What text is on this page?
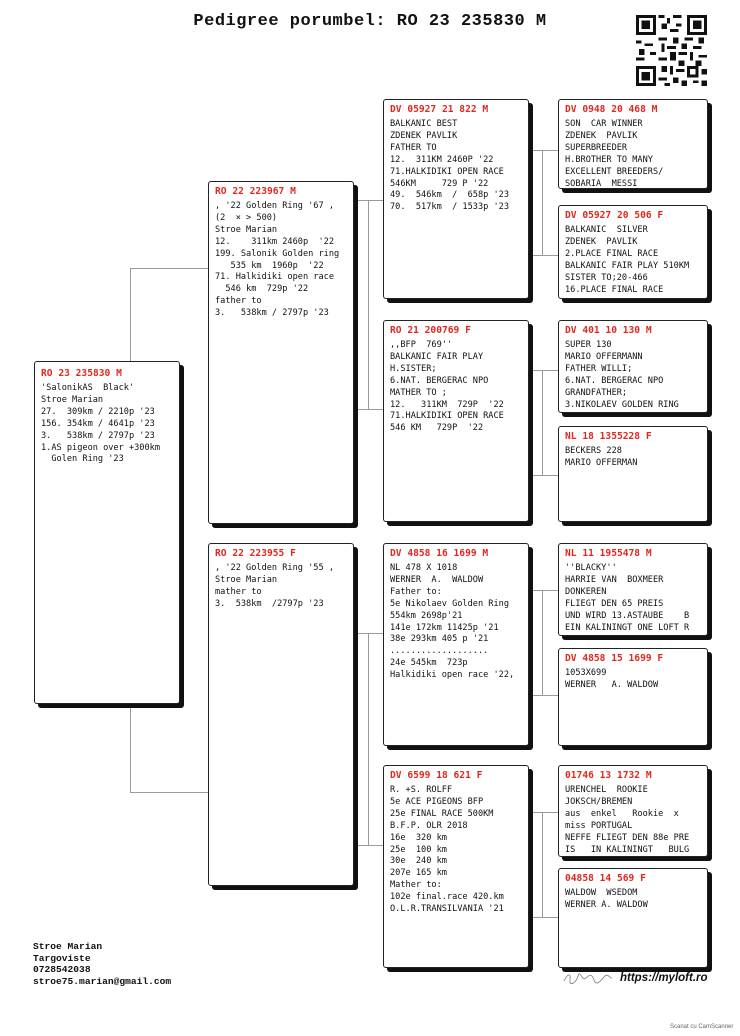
Pedigree porumbel: RO 23 235830 M
RO 23 235830 M
'SalonikAS  Black'
Stroe Marian
27.  309km / 2210p '23
156. 354km / 4641p '23
3.   538km / 2797p '23
1.AS pigeon over +300km
Golen Ring '23
RO 22 223967 M
, '22 Golden Ring '67 ,
(2  × > 500)
Stroe Marian
12.    311km 2460p  '22
199. Salonik Golden ring
535 km  1960p  '22
71. Halkidiki open race
546 km  729p '22
father to
3.   538km / 2797p '23
RO 22 223955 F
, '22 Golden Ring '55 ,
Stroe Marian
mather to
3.  538km  /2797p '23
DV 05927 21 822 M
BALKANIC BEST
ZDENEK PAVLIK
FATHER TO
12.  311KM 2460P '22
71.HALKIDIKI OPEN RACE
546KM     729 P '22
49.  546km  /  658p '23
70.  517km  / 1533p '23
RO 21 200769 F
,,BFP  769''
BALKANIC FAIR PLAY
H.SISTER;
6.NAT. BERGERAC NPO
MATHER TO ;
12.   311KM  729P  '22
71.HALKIDIKI OPEN RACE
546 KM   729P  '22
DV 4858 16 1699 M
NL 478 X 1018
WERNER  A.  WALDOW
Father to:
5e Nikolaev Golden Ring
554km 2698p'21
141e 172km 11425p '21
38e 293km 405 p '21
...................
24e 545km  723p
Halkidiki open race '22,
DV 6599 18 621 F
R. +S. ROLFF
5e ACE PIGEONS BFP
25e FINAL RACE 500KM
B.F.P. OLR 2018
16e  320 km
25e  100 km
30e  240 km
207e 165 km
Mather to:
102e final.race 420.km
O.L.R.TRANSILVANIA '21
DV 0948 20 468 M
SON  CAR WINNER
ZDENEK  PAVLIK
SUPERBREEDER
H.BROTHER TO MANY
EXCELLENT BREEDERS/
SOBARIA  MESSI
DV 05927 20 506 F
BALKANIC  SILVER
ZDENEK  PAVLIK
2.PLACE FINAL RACE
BALKANIC FAIR PLAY 510KM
SISTER TO;20-466
16.PLACE FINAL RACE
DV 401 10 130 M
SUPER 130
MARIO OFFERMANN
FATHER WILLI;
6.NAT. BERGERAC NPO
GRANDFATHER;
3.NIKOLAEV GOLDEN RING
NL 18 1355228 F
BECKERS 228
MARIO OFFERMAN
NL 11 1955478 M
''BLACKY''
HARRIE VAN  BOXMEER
DONKEREN
FLIEGT DEN 65 PREIS
UND WIRD 13.ASTAUBE    B
EIN KALININGT ONE LOFT R
DV 4858 15 1699 F
1053X699
WERNER   A. WALDOW
01746 13 1732 M
URENCHEL  ROOKIE
JOKSCH/BREMEN
aus  enkel   Rookie  x
miss PORTUGAL
NEFFE FLIEGT DEN 88e PRE
IS   IN KALININGT   BULG
04858 14 569 F
WALDOW  WSEDOM
WERNER A. WALDOW
Stroe Marian
Targoviste
0728542038
stroe75.marian@gmail.com	https://myloft.ro
Scanat cu CamScanner
